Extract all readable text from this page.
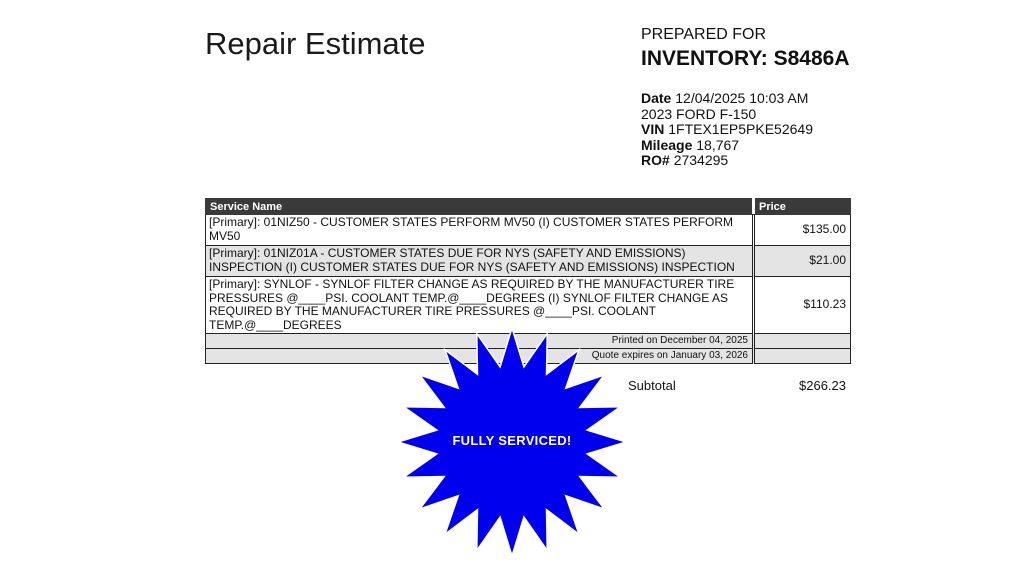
Repair Estimate	PREPARED FOR
INVENTORY: S8486A
Date 12/04/2025 10:03 AM
2023 FORD F-150
VIN 1FTEX1EP5PKE52649
Mileage 18,767
RO# 2734295
Service Name	Price
[Primary]: 01NIZ50 - CUSTOMER STATES PERFORM MV50 (I) CUSTOMER STATES PERFORM MV50	$135.00
[Primary]: 01NIZ01A - CUSTOMER STATES DUE FOR NYS (SAFETY AND EMISSIONS) INSPECTION (I) CUSTOMER STATES DUE FOR NYS (SAFETY AND EMISSIONS) INSPECTION	$21.00
[Primary]: SYNLOF - SYNLOF FILTER CHANGE AS REQUIRED BY THE MANUFACTURER TIRE PRESSURES @____PSI. COOLANT TEMP.@____DEGREES (I) SYNLOF FILTER CHANGE AS REQUIRED BY THE MANUFACTURER TIRE PRESSURES @____PSI. COOLANT TEMP.@____DEGREES	$110.23
Printed on December 04, 2025	
Quote expires on January 03, 2026	
Subtotal	$266.23
FULLY SERVICED!
